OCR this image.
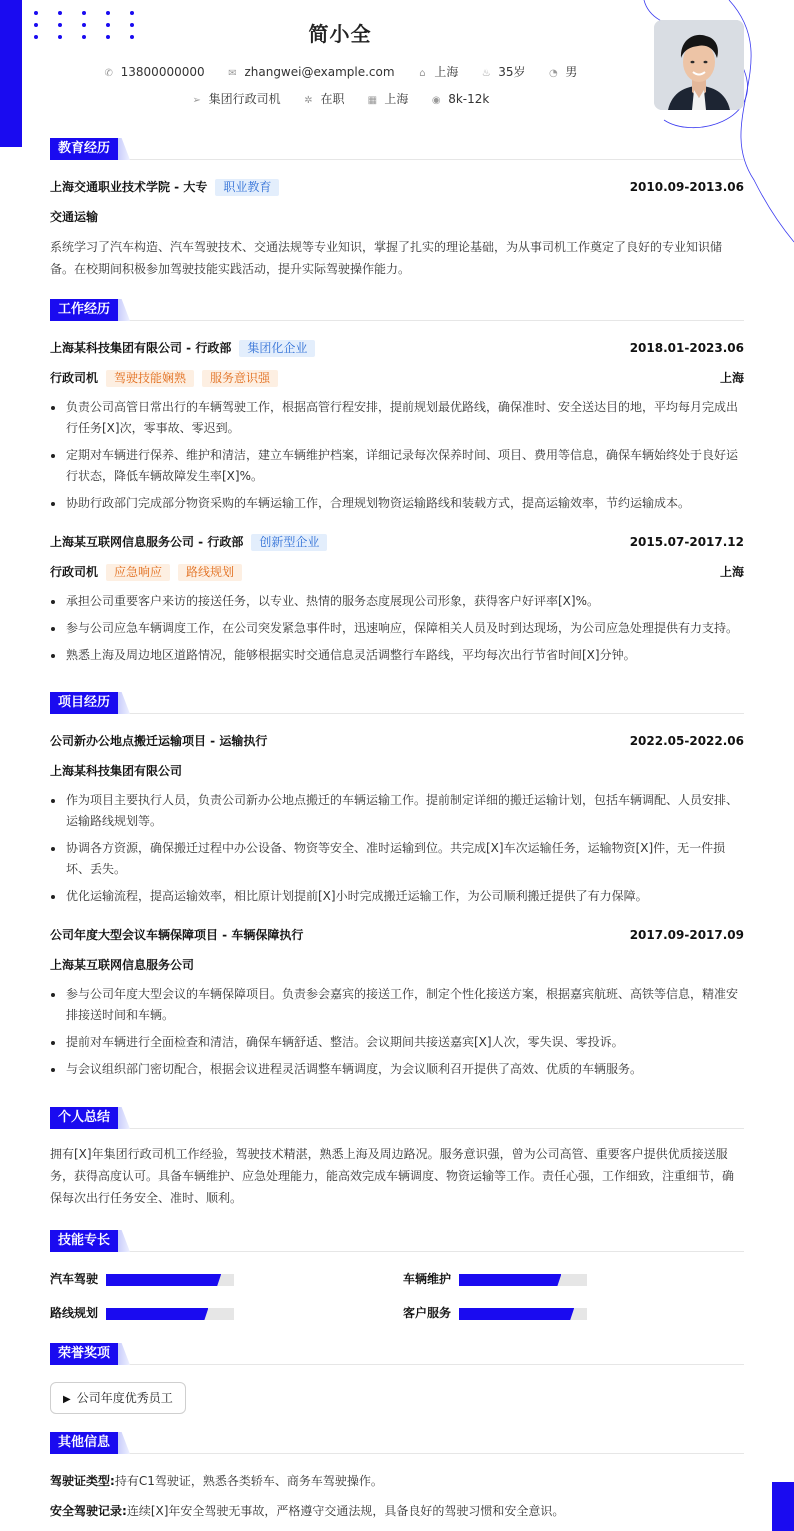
简小全
✆ 13800000000 ✉ zhangwei@example.com ⌂ 上海 ♨ 35岁 ◔ 男
➢ 集团行政司机 ✲ 在职 ▦ 上海 ◉ 8k-12k
教育经历
上海交通职业技术学院 - 大专 职业教育	2010.09-2013.06
交通运输
系统学习了汽车构造、汽车驾驶技术、交通法规等专业知识，掌握了扎实的理论基础，为从事司机工作奠定了良好的专业知识储备。在校期间积极参加驾驶技能实践活动，提升实际驾驶操作能力。
工作经历
上海某科技集团有限公司 - 行政部 集团化企业	2018.01-2023.06
行政司机 驾驶技能娴熟 服务意识强	上海
负责公司高管日常出行的车辆驾驶工作，根据高管行程安排，提前规划最优路线，确保准时、安全送达目的地，平均每月完成出行任务[X]次，零事故、零迟到。
定期对车辆进行保养、维护和清洁，建立车辆维护档案，详细记录每次保养时间、项目、费用等信息，确保车辆始终处于良好运行状态，降低车辆故障发生率[X]%。
协助行政部门完成部分物资采购的车辆运输工作，合理规划物资运输路线和装载方式，提高运输效率，节约运输成本。
上海某互联网信息服务公司 - 行政部 创新型企业	2015.07-2017.12
行政司机 应急响应 路线规划	上海
承担公司重要客户来访的接送任务，以专业、热情的服务态度展现公司形象，获得客户好评率[X]%。
参与公司应急车辆调度工作，在公司突发紧急事件时，迅速响应，保障相关人员及时到达现场，为公司应急处理提供有力支持。
熟悉上海及周边地区道路情况，能够根据实时交通信息灵活调整行车路线，平均每次出行节省时间[X]分钟。
项目经历
公司新办公地点搬迁运输项目 - 运输执行	2022.05-2022.06
上海某科技集团有限公司
作为项目主要执行人员，负责公司新办公地点搬迁的车辆运输工作。提前制定详细的搬迁运输计划，包括车辆调配、人员安排、运输路线规划等。
协调各方资源，确保搬迁过程中办公设备、物资等安全、准时运输到位。共完成[X]车次运输任务，运输物资[X]件，无一件损坏、丢失。
优化运输流程，提高运输效率，相比原计划提前[X]小时完成搬迁运输工作，为公司顺利搬迁提供了有力保障。
公司年度大型会议车辆保障项目 - 车辆保障执行	2017.09-2017.09
上海某互联网信息服务公司
参与公司年度大型会议的车辆保障项目。负责参会嘉宾的接送工作，制定个性化接送方案，根据嘉宾航班、高铁等信息，精准安排接送时间和车辆。
提前对车辆进行全面检查和清洁，确保车辆舒适、整洁。会议期间共接送嘉宾[X]人次，零失误、零投诉。
与会议组织部门密切配合，根据会议进程灵活调整车辆调度，为会议顺利召开提供了高效、优质的车辆服务。
个人总结
拥有[X]年集团行政司机工作经验，驾驶技术精湛，熟悉上海及周边路况。服务意识强，曾为公司高管、重要客户提供优质接送服务，获得高度认可。具备车辆维护、应急处理能力，能高效完成车辆调度、物资运输等工作。责任心强，工作细致，注重细节，确保每次出行任务安全、准时、顺利。
技能专长
汽车驾驶	车辆维护
路线规划	客户服务
荣誉奖项
▶ 公司年度优秀员工
其他信息
驾驶证类型:持有C1驾驶证，熟悉各类轿车、商务车驾驶操作。
安全驾驶记录:连续[X]年安全驾驶无事故，严格遵守交通法规，具备良好的驾驶习惯和安全意识。
